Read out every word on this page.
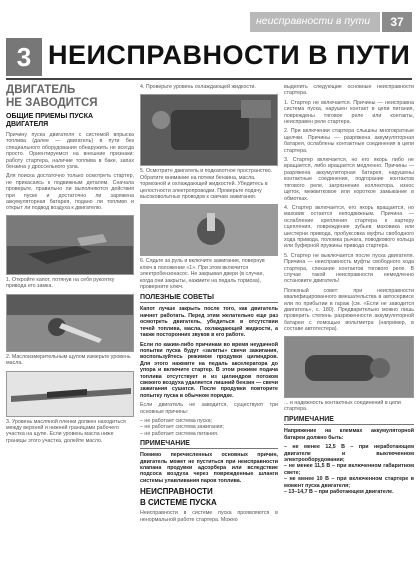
неисправности в пути	37
3 НЕИСПРАВНОСТИ В ПУТИ
ДВИГАТЕЛЬ
НЕ ЗАВОДИТСЯ
ОБЩИЕ ПРИЕМЫ ПУСКА ДВИГАТЕЛЯ

Причину пуска двигателя с системой впрыска топлива (далее — двигатель) в пути без специального оборудования обнаружить не всегда просто. Ориентируемся на внешние признаки: работу стартера, наличие топлива в баке, запах бензина у дроссельного узла.

Для поиска достаточно только осмотреть стартер, не прикасаясь к подвижным деталям. Сначала проверьте, правильно ли выполняются действия при пуске и достаточно ли заряжена аккумуляторная батарея, подано ли топливо и открыт ли подвод воздуха к двигателю.

1. Откройте капот, потянув на себя рукоятку привода его замка.
2. Маслоизмерительным щупом измерьте уровень масла.
3. Уровень масляной пленки должен находиться между верхней и нижней границами рабочего участка на щупе. Если уровень масла ниже границы этого участка, долейте масло.
4. Проверьте уровень охлаждающей жидкости.
5. Осмотрите двигатель и подкапотное пространство. Обратите внимание на потеки бензина, масла, тормозной и охлаждающей жидкостей. Убедитесь в целостности электропроводки. Проверьте подачу высоковольтных проводов к свечам зажигания.
6. Сядьте за руль и включите зажигание, повернув ключ в положение «1». При этом включится электробензонасос. Не закрывая двери (в случае, когда они закрыты, нажмите на педаль тормоза), проверните ключ.
ПОЛЕЗНЫЕ СОВЕТЫ

Капот лучше закрыть после того, как двигатель начнет работать. Перед этим желательно еще раз осмотреть двигатель, убедиться в отсутствии течей топлива, масла, охлаждающей жидкости, а также посторонних звуков в его работе.

Если по каким-либо причинам во время неудачной попытки пуска будут «залиты» свечи зажигания, воспользуйтесь режимом продувки цилиндров. Для этого нажмите на педаль акселератора до упора и включите стартер. В этом режиме подача топлива отсутствует и из цилиндров потоком свежего воздуха удаляется лишний бензин — свечи зажигания сушатся. После продувки повторите попытку пуска в обычном порядке.

Если двигатель не заводится, существуют три основные причины:

– не работает система пуска;
– не работает система зажигания;
– не работает система питания.
ПРИМЕЧАНИЕ

Помимо перечисленных основных причин, двигатель может не пуститься при неисправности клапана продувки адсорбера или вследствие подсоса воздуха через поврежденные шланги системы улавливания паров топлива.

НЕИСПРАВНОСТИ
В СИСТЕМЕ ПУСКА

Неисправности в системе пуска проявляются в ненормальной работе стартера. Можно

выделить следующие основные неисправности стартера.

1. Стартер не включается. Причины — неисправна система пуска, нарушен контакт в цепи питания, повреждены тяговое реле или контакты, неисправен реле стартера.

2. При включении стартера слышны многократные щелчки. Причины — разряжена аккумуляторная батарея, ослаблены контактные соединения в цепи стартера.

3. Стартер включается, но его якорь либо не вращается, либо вращается медленно. Причины — разряжена аккумуляторная батарея, нарушены контактные соединения, подгорание контактов тягового реле, загрязнение коллектора, износ щеток, межвитковое или короткое замыкание в обмотках.

4. Стартер включается, его якорь вращается, но маховик остается неподвижным. Причина — ослабление крепления стартера к картеру сцепления, повреждение зубьев маховика или шестерни привода, пробуксовка муфты свободного хода привода, поломка рычага, поводкового кольца или буферной пружины привода стартера.

5. Стартер не выключается после пуска двигателя. Причина — неисправность муфты свободного хода стартера, спекание контактов тягового реле. В случае такой неисправности немедленно остановите двигатель!

Полезный совет: при неисправности квалифицированного вмешательства в автосервисе или по прибытии в гараж (см. «Если не заводится двигатель», с. 180). Предварительно можно лишь проверить степень разряженности аккумуляторной батареи с помощью вольтметра (например, в составе автотестера).

... и надежность контактных соединений в цепи стартера.
ПРИМЕЧАНИЕ

Напряжение на клеммах аккумуляторной батареи должно быть:

– не менее 12,5 В – при неработающем двигателе и выключенном электрооборудовании;
– не менее 11,5 В – при включенном габаритном свете;
– не менее 10 В – при включенном стартере в момент пуска двигателя;
– 13–14,7 В – при работающем двигателе.
